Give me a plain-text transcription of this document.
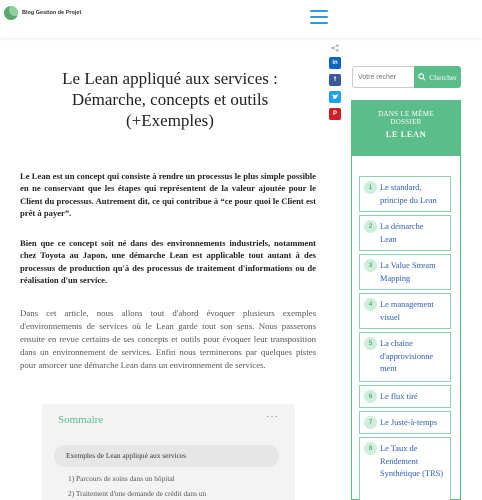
Blog Gestion de Projet
in
f
P
Le Lean appliqué aux services :
Démarche, concepts et outils
(+Exemples)

Le Lean est un concept qui consiste à rendre un processus le plus simple possible en ne conservant que les étapes qui représentent de la valeur ajoutée pour le Client du processus. Autrement dit, ce qui contribue à “ce pour quoi le Client est prêt à payer”.

Bien que ce concept soit né dans des environnements industriels, notamment chez Toyota au Japon, une démarche Lean est applicable tout autant à des processus de production qu'à des processus de traitement d'informations ou de réalisation d'un service.

Dans cet article, nous allons tout d'abord évoquer plusieurs exemples d'environnements de services où le Lean garde tout son sens. Nous passerons ensuite en revue certains de ses concepts et outils pour évoquer leur transposition dans un environnement de services. Enfin nous terminerons par quelques pistes pour amorcer une démarche Lean dans un environnement de services.

Sommaire	···
Exemples de Lean appliqué aux services
1) Parcours de soins dans un hôpital
2) Traitement d'une demande de crédit dans un
Votre recher
Chercher
DANS LE MÊME
DOSSIER
LE LEAN
1 Le standard,
principe du Lean
2 La démarche
Lean
3 La Value Stream
Mapping
4 Le management
visuel
5 La chaine
d'approvisionne
ment
6 Le flux tiré
7 Le Juste-à-temps
8 Le Taux de
Rendement
Synthétique (TRS)
